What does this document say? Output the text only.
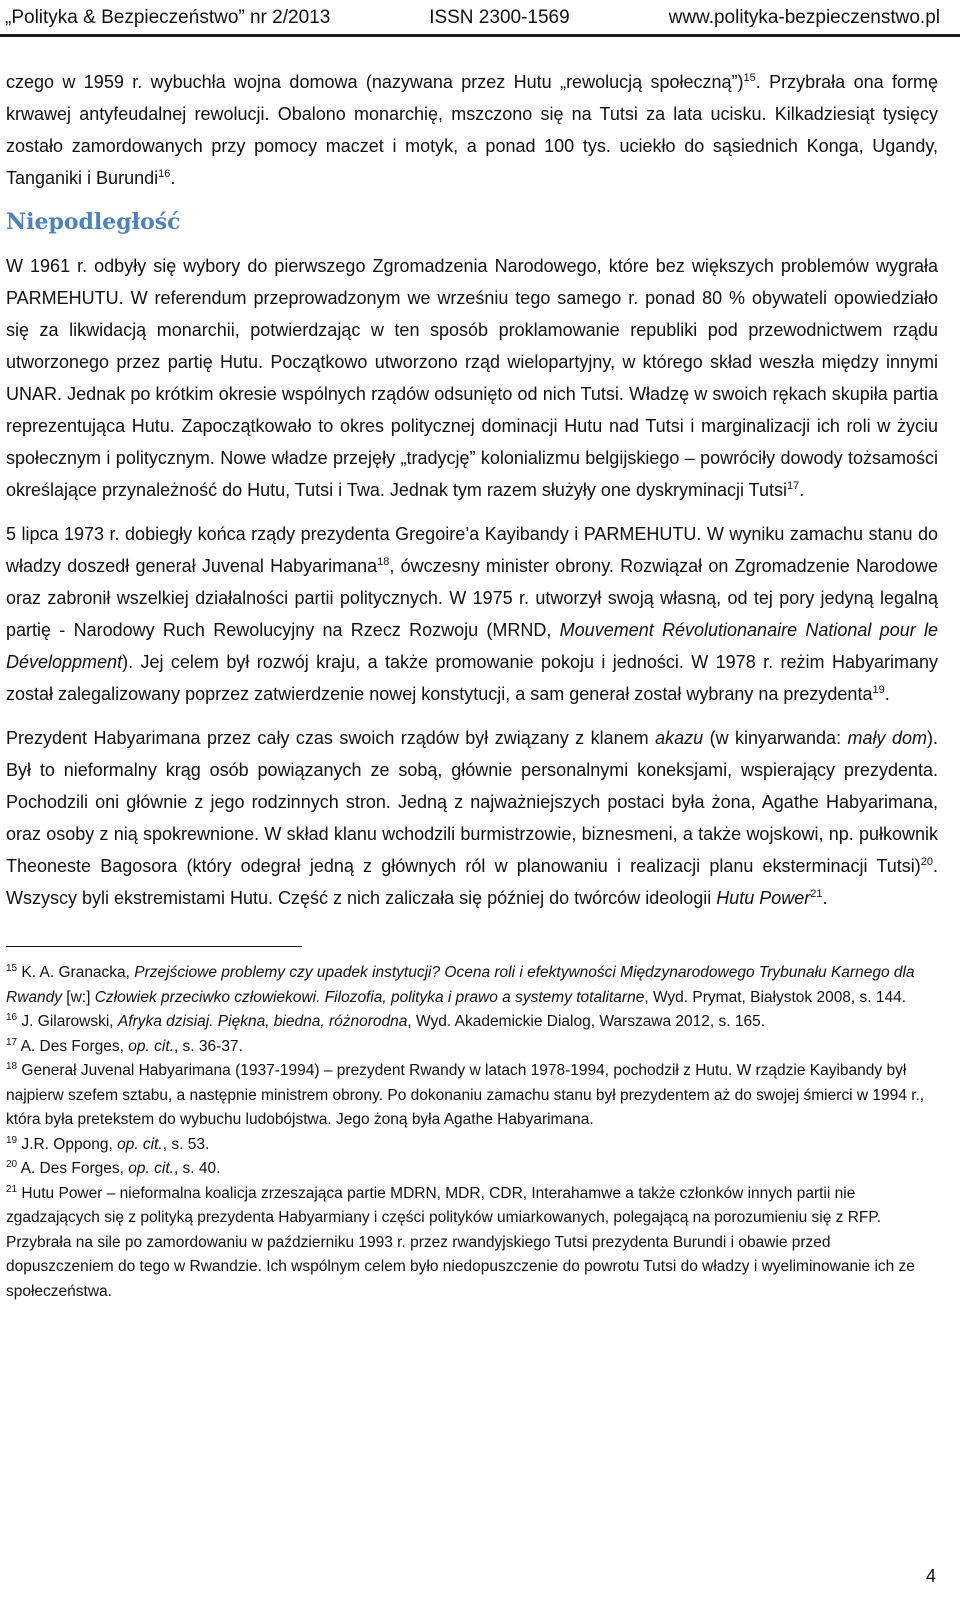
„Polityka & Bezpieczeństwo” nr 2/2013	ISSN 2300-1569	www.polityka-bezpieczenstwo.pl

czego w 1959 r. wybuchła wojna domowa (nazywana przez Hutu „rewolucją społeczną”)$^{15}$. Przybrała ona formę krwawej antyfeudalnej rewolucji. Obalono monarchię, mszczono się na Tutsi za lata ucisku. Kilkadziesiąt tysięcy zostało zamordowanych przy pomocy maczet i motyk, a ponad 100 tys. uciekło do sąsiednich Konga, Ugandy, Tanganiki i Burundi$^{16}$.

Niepodległość

W 1961 r. odbyły się wybory do pierwszego Zgromadzenia Narodowego, które bez większych problemów wygrała PARMEHUTU. W referendum przeprowadzonym we wrześniu tego samego r. ponad 80 % obywateli opowiedziało się za likwidacją monarchii, potwierdzając w ten sposób proklamowanie republiki pod przewodnictwem rządu utworzonego przez partię Hutu. Początkowo utworzono rząd wielopartyjny, w którego skład weszła między innymi UNAR. Jednak po krótkim okresie wspólnych rządów odsunięto od nich Tutsi. Władzę w swoich rękach skupiła partia reprezentująca Hutu. Zapoczątkowało to okres politycznej dominacji Hutu nad Tutsi i marginalizacji ich roli w życiu społecznym i politycznym. Nowe władze przejęły „tradycję” kolonializmu belgijskiego – powróciły dowody tożsamości określające przynależność do Hutu, Tutsi i Twa. Jednak tym razem służyły one dyskryminacji Tutsi$^{17}$.

5 lipca 1973 r. dobiegły końca rządy prezydenta Gregoire’a Kayibandy i PARMEHUTU. W wyniku zamachu stanu do władzy doszedł generał Juvenal Habyarimana$^{18}$, ówczesny minister obrony. Rozwiązał on Zgromadzenie Narodowe oraz zabronił wszelkiej działalności partii politycznych. W 1975 r. utworzył swoją własną, od tej pory jedyną legalną partię - Narodowy Ruch Rewolucyjny na Rzecz Rozwoju (MRND, Mouvement Révolutionanaire National pour le Développment). Jej celem był rozwój kraju, a także promowanie pokoju i jedności. W 1978 r. reżim Habyarimany został zalegalizowany poprzez zatwierdzenie nowej konstytucji, a sam generał został wybrany na prezydenta$^{19}$.

Prezydent Habyarimana przez cały czas swoich rządów był związany z klanem akazu (w kinyarwanda: mały dom). Był to nieformalny krąg osób powiązanych ze sobą, głównie personalnymi koneksjami, wspierający prezydenta. Pochodzili oni głównie z jego rodzinnych stron. Jedną z najważniejszych postaci była żona, Agathe Habyarimana, oraz osoby z nią spokrewnione. W skład klanu wchodzili burmistrzowie, biznesmeni, a także wojskowi, np. pułkownik Theoneste Bagosora (który odegrał jedną z głównych ról w planowaniu i realizacji planu eksterminacji Tutsi)$^{20}$. Wszyscy byli ekstremistami Hutu. Część z nich zaliczała się później do twórców ideologii Hutu Power$^{21}$.

$^{15}$ K. A. Granacka, Przejściowe problemy czy upadek instytucji? Ocena roli i efektywności Międzynarodowego Trybunału Karnego dla Rwandy [w:] Człowiek przeciwko człowiekowi. Filozofia, polityka i prawo a systemy totalitarne, Wyd. Prymat, Białystok 2008, s. 144.
$^{16}$ J. Gilarowski, Afryka dzisiaj. Piękna, biedna, różnorodna, Wyd. Akademickie Dialog, Warszawa 2012, s. 165.
$^{17}$ A. Des Forges, op. cit., s. 36-37.
$^{18}$ Generał Juvenal Habyarimana (1937-1994) – prezydent Rwandy w latach 1978-1994, pochodził z Hutu. W rządzie Kayibandy był najpierw szefem sztabu, a następnie ministrem obrony. Po dokonaniu zamachu stanu był prezydentem aż do swojej śmierci w 1994 r., która była pretekstem do wybuchu ludobójstwa. Jego żoną była Agathe Habyarimana.
$^{19}$ J.R. Oppong, op. cit., s. 53.
$^{20}$ A. Des Forges, op. cit., s. 40.
$^{21}$ Hutu Power – nieformalna koalicja zrzeszająca partie MDRN, MDR, CDR, Interahamwe a także członków innych partii nie zgadzających się z polityką prezydenta Habyarmiany i części polityków umiarkowanych, polegającą na porozumieniu się z RFP. Przybrała na sile po zamordowaniu w październiku 1993 r. przez rwandyjskiego Tutsi prezydenta Burundi i obawie przed dopuszczeniem do tego w Rwandzie. Ich wspólnym celem było niedopuszczenie do powrotu Tutsi do władzy i wyeliminowanie ich ze społeczeństwa.
4
